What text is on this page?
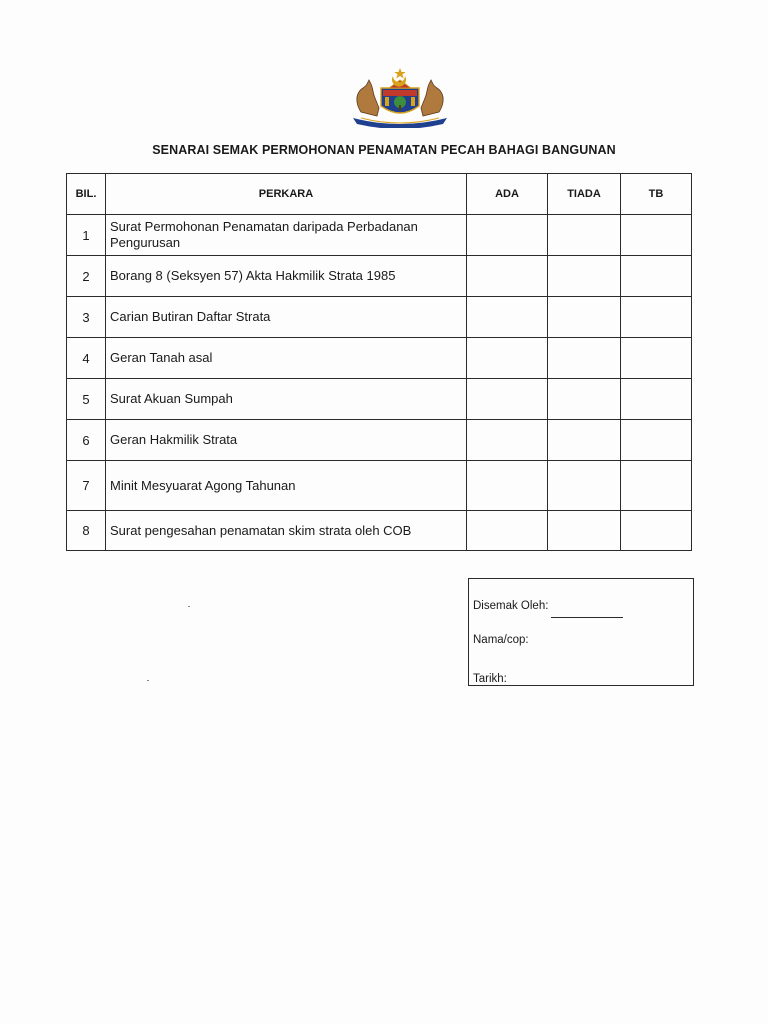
SENARAI SEMAK PERMOHONAN PENAMATAN PECAH BAHAGI BANGUNAN
BIL.	PERKARA	ADA	TIADA	TB
1	Surat Permohonan Penamatan daripada Perbadanan Pengurusan			
2	Borang 8 (Seksyen 57) Akta Hakmilik Strata 1985			
3	Carian Butiran Daftar Strata			
4	Geran Tanah asal			
5	Surat Akuan Sumpah			
6	Geran Hakmilik Strata			
7	Minit Mesyuarat Agong Tahunan			
8	Surat pengesahan penamatan skim strata oleh COB			
Disemak Oleh:
Nama/cop:
Tarikh:
